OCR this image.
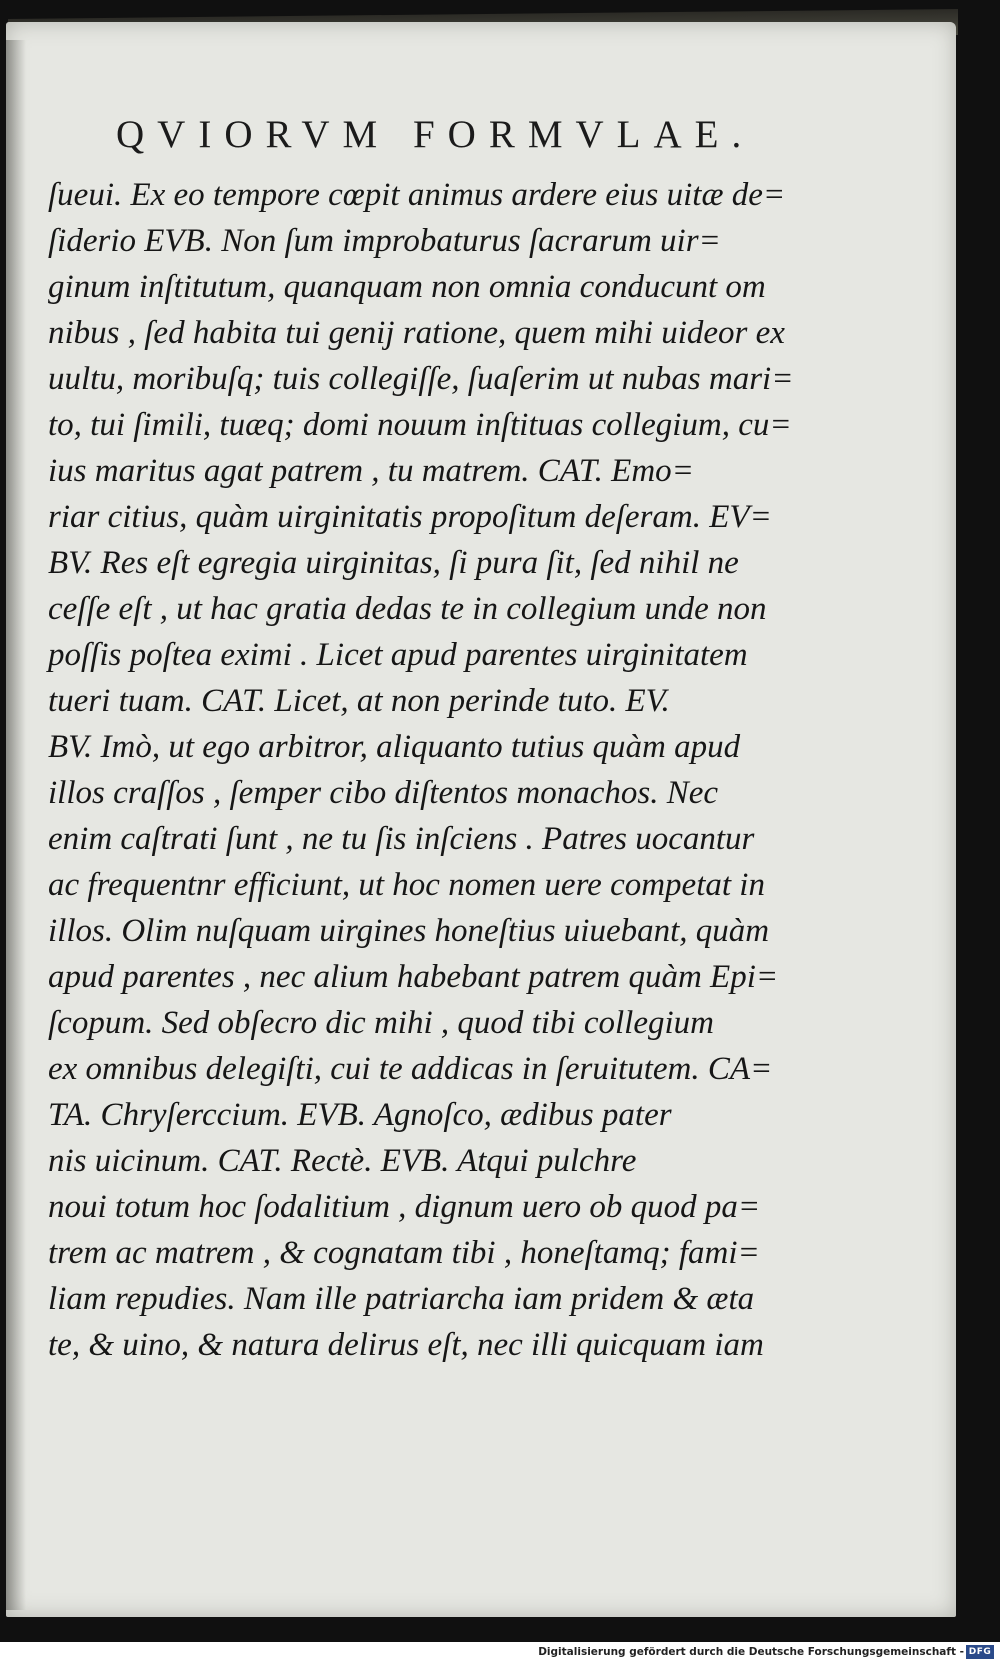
QVIORVM FORMVLAE.
ſueui. Ex eo tempore cœpit animus ardere eius uitæ de=
ſiderio EVB. Non ſum improbaturus ſacrarum uir=
ginum inſtitutum, quanquam non omnia conducunt om
nibus , ſed habita tui genij ratione, quem mihi uideor ex
uultu, moribuſq; tuis collegiſſe, ſuaſerim ut nubas mari=
to, tui ſimili, tuæq; domi nouum inſtituas collegium, cu=
ius maritus agat patrem , tu matrem. CAT. Emo=
riar citius, quàm uirginitatis propoſitum deſeram. EV=
BV. Res eſt egregia uirginitas, ſi pura ſit, ſed nihil ne
ceſſe eſt , ut hac gratia dedas te in collegium unde non
poſſis poſtea eximi . Licet apud parentes uirginitatem
tueri tuam. CAT. Licet, at non perinde tuto. EV.
BV. Imò, ut ego arbitror, aliquanto tutius quàm apud
illos craſſos , ſemper cibo diſtentos monachos. Nec
enim caſtrati ſunt , ne tu ſis inſciens . Patres uocantur
ac frequentnr efficiunt, ut hoc nomen uere competat in
illos. Olim nuſquam uirgines honeſtius uiuebant, quàm
apud parentes , nec alium habebant patrem quàm Epi=
ſcopum. Sed obſecro dic mihi , quod tibi collegium
ex omnibus delegiſti, cui te addicas in ſeruitutem. CA=
TA. Chryſerccium. EVB. Agnoſco, ædibus pater
nis uicinum. CAT. Rectè. EVB. Atqui pulchre
noui totum hoc ſodalitium , dignum uero ob quod pa=
trem ac matrem , & cognatam tibi , honeſtamq; fami=
liam repudies. Nam ille patriarcha iam pridem & æta
te, & uino, & natura delirus eſt, nec illi quicquam iam
Digitalisierung gefördert durch die Deutsche Forschungsgemeinschaft - DFG
